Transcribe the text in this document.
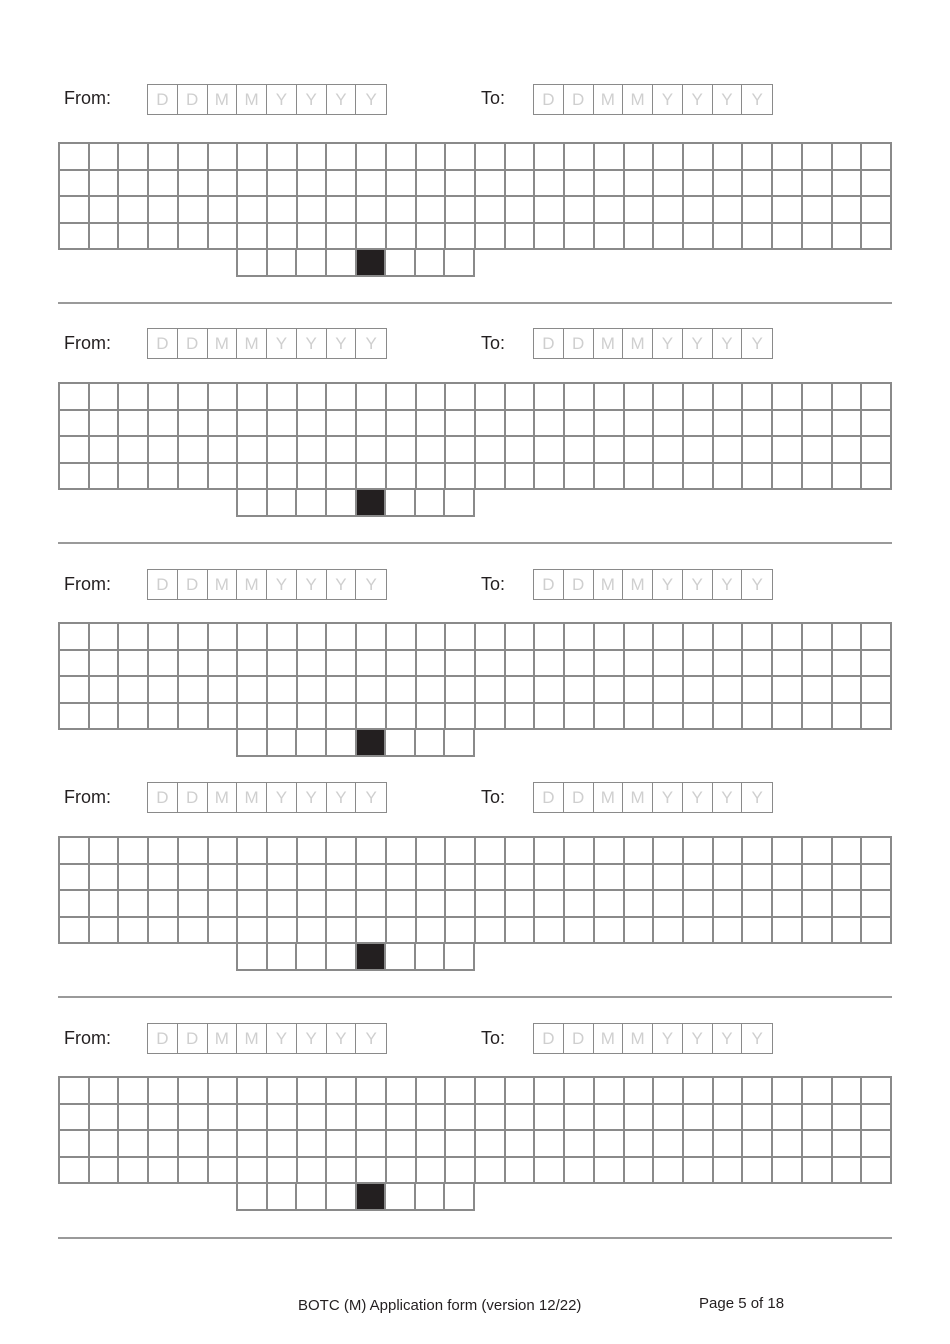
From:	D	D M M	Y	Y	Y	Y	To:	D	D M M	Y	Y	Y	Y
From:	D	D M M	Y	Y	Y	Y	To:	D	D M M	Y	Y	Y	Y
From:	D	D M M	Y	Y	Y	Y	To:	D	D M M	Y	Y	Y	Y
From:	D	D M M	Y	Y	Y	Y	To:	D	D M M	Y	Y	Y	Y
From:	D	D M M	Y	Y	Y	Y	To:	D	D M M	Y	Y	Y	Y
BOTC (M) Application form (version 12/22)	Page 5 of 18
